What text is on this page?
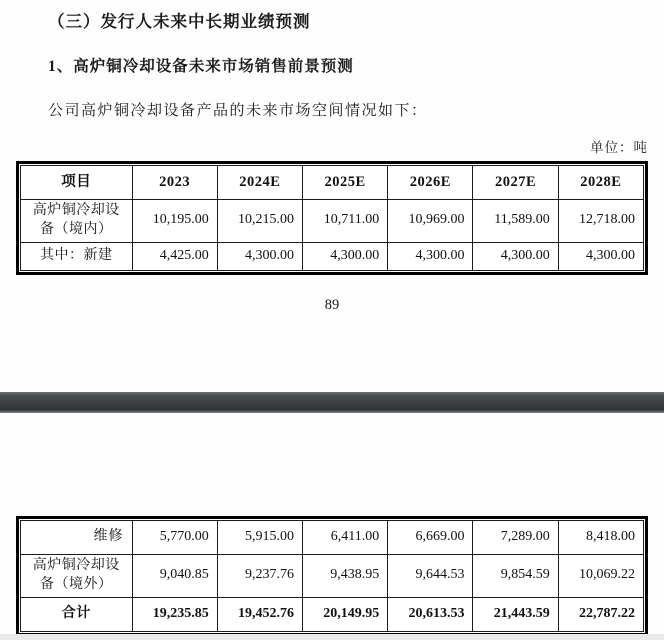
（三）发行人未来中长期业绩预测
1、高炉铜冷却设备未来市场销售前景预测
公司高炉铜冷却设备产品的未来市场空间情况如下：
单位：吨
项目	2023	2024E	2025E	2026E	2027E	2028E
高炉铜冷却设备（境内）	10,195.00	10,215.00	10,711.00	10,969.00	11,589.00	12,718.00
其中：新建	4,425.00	4,300.00	4,300.00	4,300.00	4,300.00	4,300.00
89
维修	5,770.00	5,915.00	6,411.00	6,669.00	7,289.00	8,418.00
高炉铜冷却设备（境外）	9,040.85	9,237.76	9,438.95	9,644.53	9,854.59	10,069.22
合计	19,235.85	19,452.76	20,149.95	20,613.53	21,443.59	22,787.22
